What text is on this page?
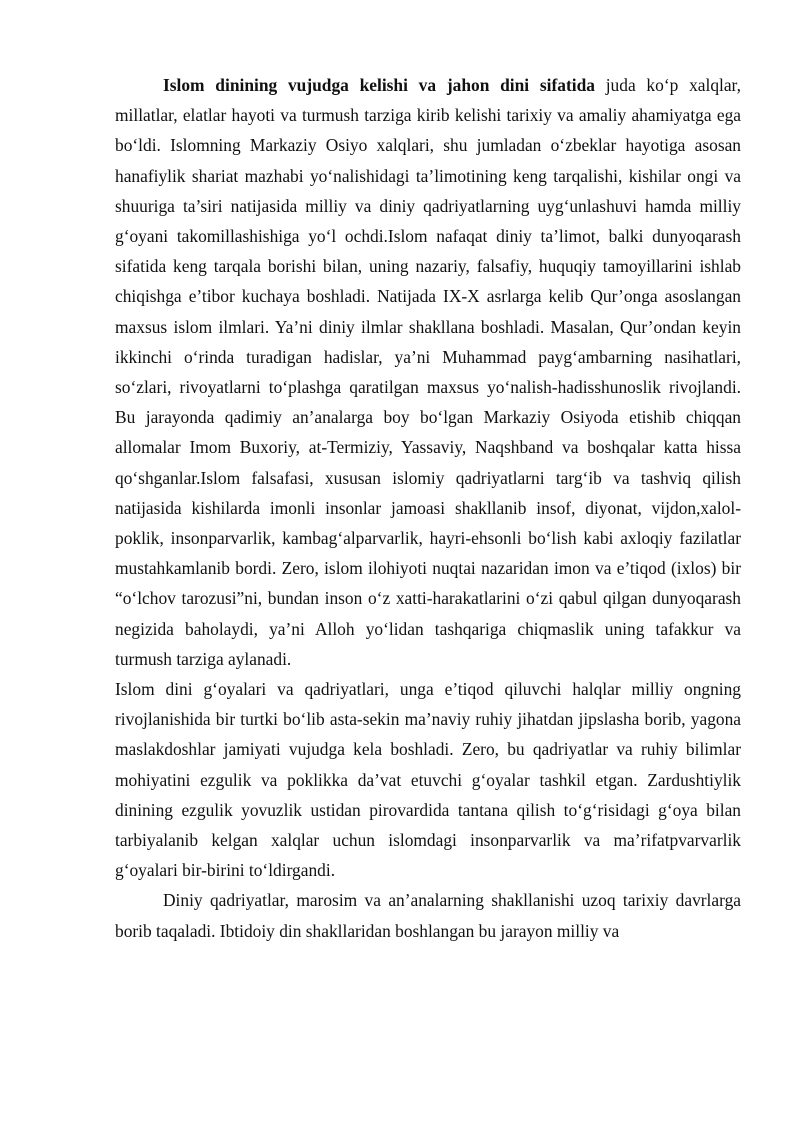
Islom dinining vujudga kelishi va jahon dini sifatida juda ko‘p xalqlar, millatlar, elatlar hayoti va turmush tarziga kirib kelishi tarixiy va amaliy ahamiyatga ega bo‘ldi. Islomning Markaziy Osiyo xalqlari, shu jumladan o‘zbeklar hayotiga asosan hanafiylik shariat mazhabi yo‘nalishidagi ta’limotining keng tarqalishi, kishilar ongi va shuuriga ta’siri natijasida milliy va diniy qadriyatlarning uyg‘unlashuvi hamda milliy g‘oyani takomillashishiga yo‘l ochdi.Islom nafaqat diniy ta’limot, balki dunyoqarash sifatida keng tarqala borishi bilan, uning nazariy, falsafiy, huquqiy tamoyillarini ishlab chiqishga e’tibor kuchaya boshladi. Natijada IX-X asrlarga kelib Qur’onga asoslangan maxsus islom ilmlari. Ya’ni diniy ilmlar shakllana boshladi. Masalan, Qur’ondan keyin ikkinchi o‘rinda turadigan hadislar, ya’ni Muhammad payg‘ambarning nasihatlari, so‘zlari, rivoyatlarni to‘plashga qaratilgan maxsus yo‘nalish-hadisshunoslik rivojlandi. Bu jarayonda qadimiy an’analarga boy bo‘lgan Markaziy Osiyoda etishib chiqqan allomalar Imom Buxoriy, at-Termiziy, Yassaviy, Naqshband va boshqalar katta hissa qo‘shganlar.Islom falsafasi, xususan islomiy qadriyatlarni targ‘ib va tashviq qilish natijasida kishilarda imonli insonlar jamoasi shakllanib insof, diyonat, vijdon,xalol-poklik, insonparvarlik, kambag‘alparvarlik, hayri-ehsonli bo‘lish kabi axloqiy fazilatlar mustahkamlanib bordi. Zero, islom ilohiyoti nuqtai nazaridan imon va e’tiqod (ixlos) bir “o‘lchov tarozusi”ni, bundan inson o‘z xatti-harakatlarini o‘zi qabul qilgan dunyoqarash negizida baholaydi, ya’ni Alloh yo‘lidan tashqariga chiqmaslik uning tafakkur va turmush tarziga aylanadi.

Islom dini g‘oyalari va qadriyatlari, unga e’tiqod qiluvchi halqlar milliy ongning rivojlanishida bir turtki bo‘lib asta-sekin ma’naviy ruhiy jihatdan jipslasha borib, yagona maslakdoshlar jamiyati vujudga kela boshladi. Zero, bu qadriyatlar va ruhiy bilimlar mohiyatini ezgulik va poklikka da’vat etuvchi g‘oyalar tashkil etgan. Zardushtiylik dinining ezgulik yovuzlik ustidan pirovardida tantana qilish to‘g‘risidagi g‘oya bilan tarbiyalanib kelgan xalqlar uchun islomdagi insonparvarlik va ma’rifatpvarvarlik g‘oyalari bir-birini to‘ldirgandi.

Diniy qadriyatlar, marosim va an’analarning shakllanishi uzoq tarixiy davrlarga borib taqaladi. Ibtidoiy din shakllaridan boshlangan bu jarayon milliy va
